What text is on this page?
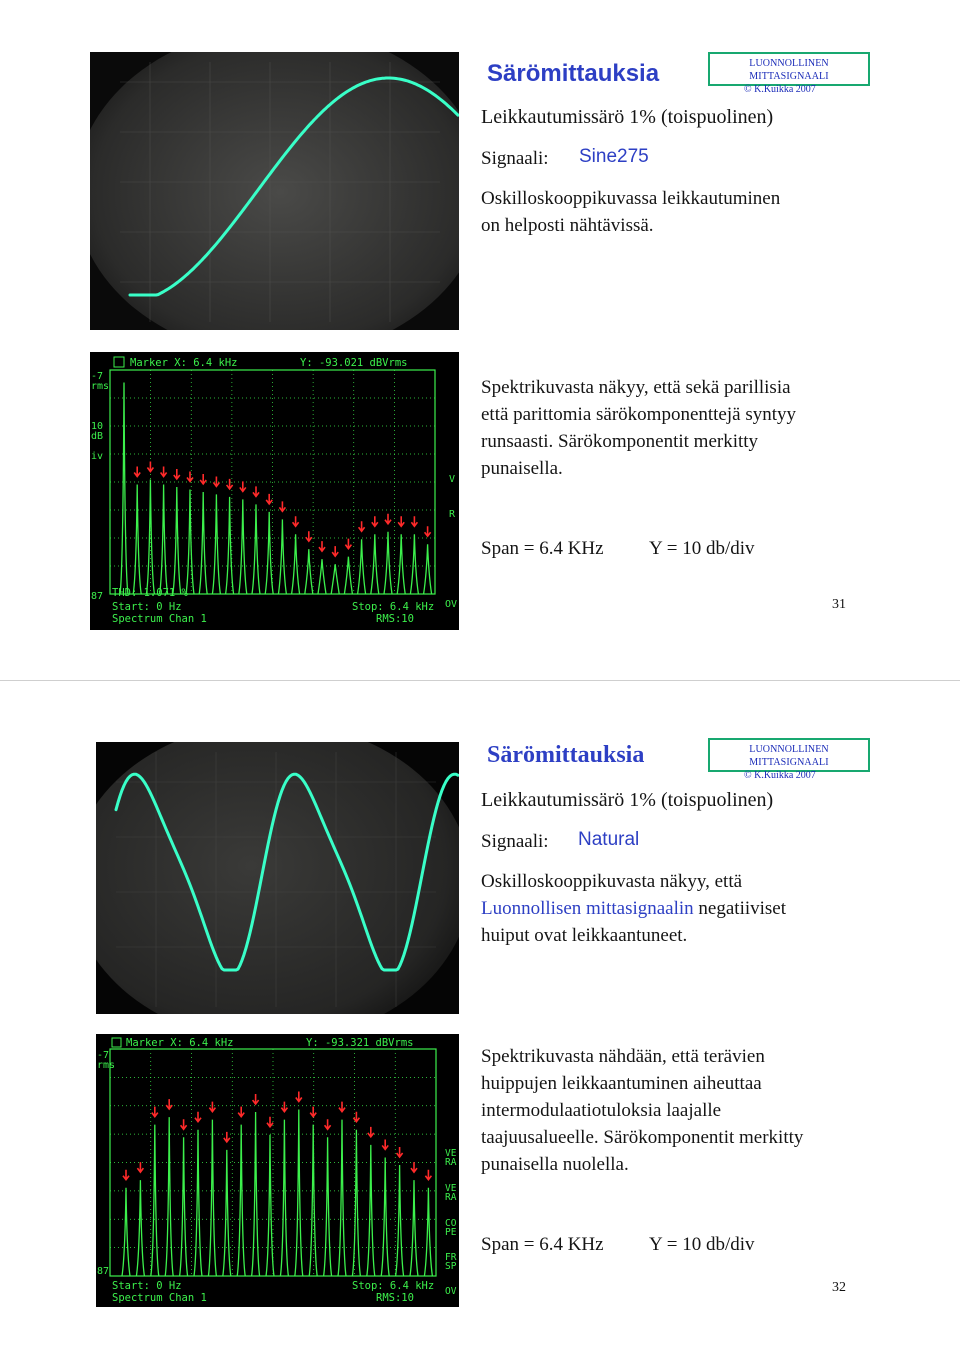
Marker X: 6.4 kHz	Y: -93.021 dBVrms
-7
rms
10
dB
iv
87
V
R
OV
THD: 1.071 %
Start: 0 Hz
Spectrum Chan 1
Stop: 6.4 kHz
RMS:10
Särömittauksia	LUONNOLLINEN MITTASIGNAALI
© K.Kuikka 2007
Leikkautumissärö 1% (toispuolinen)
Signaali: Sine275
Oskilloskooppikuvassa leikkautuminen
on helposti nähtävissä.
Spektrikuvasta näkyy, että sekä parillisia
että parittomia särökomponenttejä syntyy
runsaasti. Särökomponentit merkitty
punaisella.
Span = 6.4 KHz Y = 10 db/div
31
Marker X: 6.4 kHz	Y: -93.321 dBVrms
-7
rms
87
VE
RA
VE
RA
CO
PE
FR
SP
OV
Start: 0 Hz
Spectrum Chan 1
Stop: 6.4 kHz
RMS:10
Särömittauksia	LUONNOLLINEN MITTASIGNAALI
© K.Kuikka 2007
Leikkautumissärö 1% (toispuolinen)
Signaali: Natural
Oskilloskooppikuvasta näkyy, että
Luonnollisen mittasignaalin negatiiviset
huiput ovat leikkaantuneet.
Spektrikuvasta nähdään, että terävien
huippujen leikkaantuminen aiheuttaa
intermodulaatiotuloksia laajalle
taajuusalueelle. Särökomponentit merkitty
punaisella nuolella.
Span = 6.4 KHz Y = 10 db/div
32
